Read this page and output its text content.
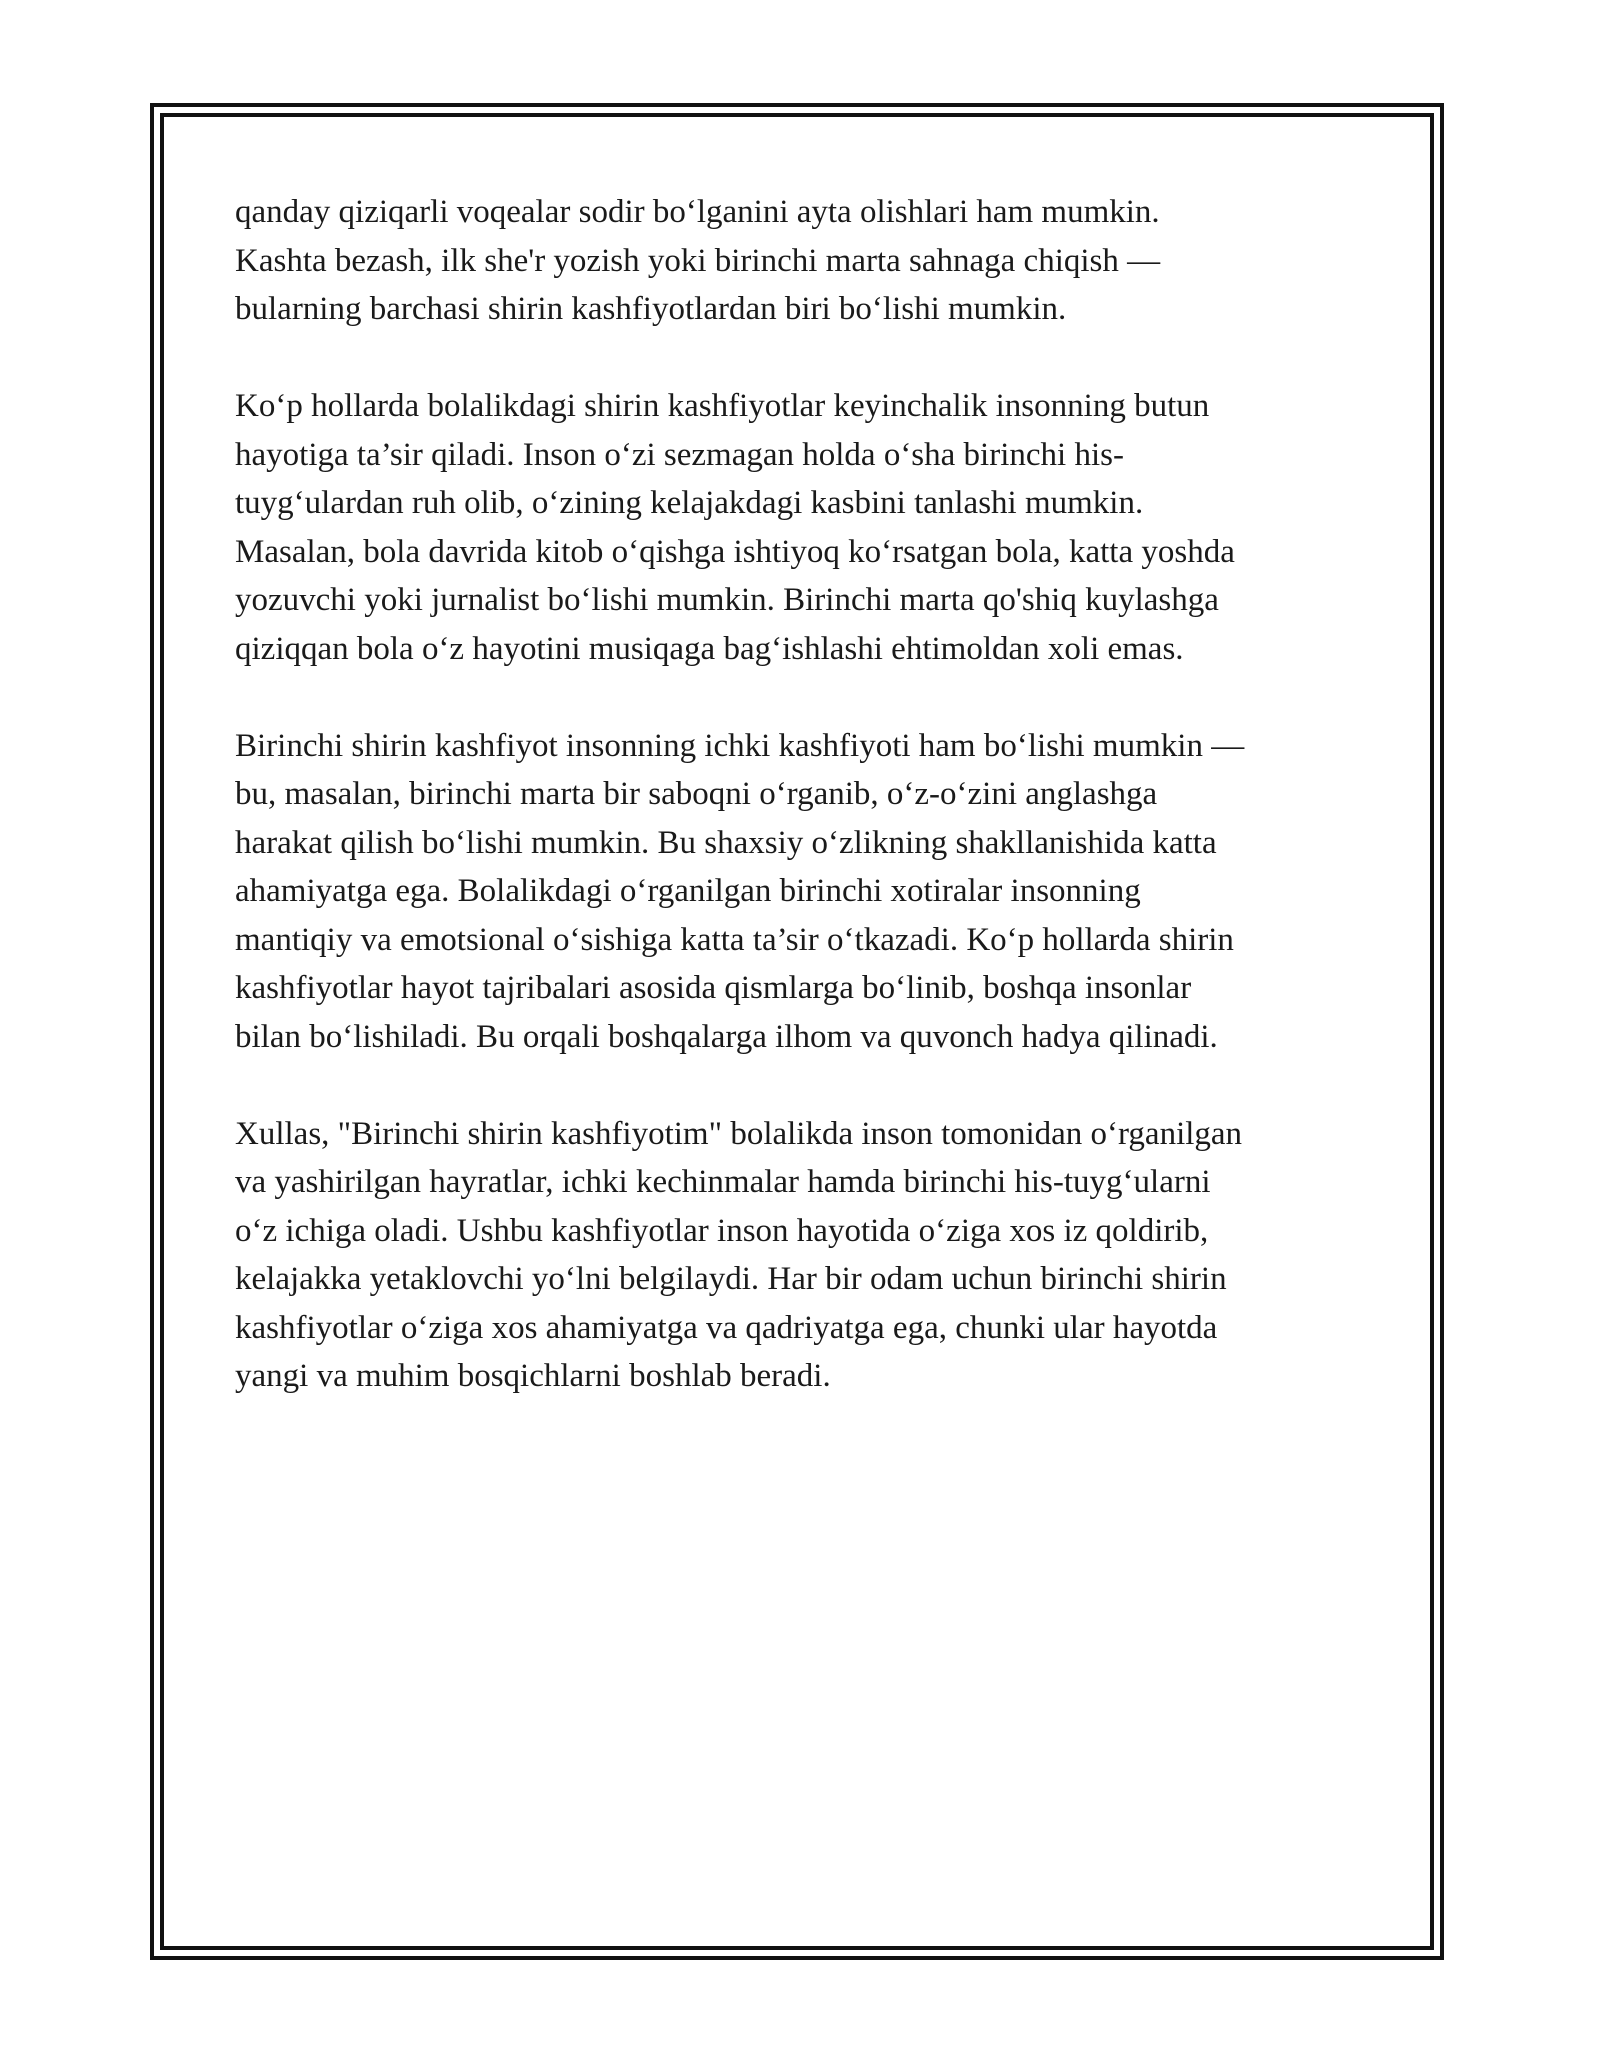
qanday qiziqarli voqealar sodir bo‘lganini ayta olishlari ham mumkin.
Kashta bezash, ilk she'r yozish yoki birinchi marta sahnaga chiqish —
bularning barchasi shirin kashfiyotlardan biri bo‘lishi mumkin.

Ko‘p hollarda bolalikdagi shirin kashfiyotlar keyinchalik insonning butun
hayotiga ta’sir qiladi. Inson o‘zi sezmagan holda o‘sha birinchi his-
tuyg‘ulardan ruh olib, o‘zining kelajakdagi kasbini tanlashi mumkin.
Masalan, bola davrida kitob o‘qishga ishtiyoq ko‘rsatgan bola, katta yoshda
yozuvchi yoki jurnalist bo‘lishi mumkin. Birinchi marta qo'shiq kuylashga
qiziqqan bola o‘z hayotini musiqaga bag‘ishlashi ehtimoldan xoli emas.

Birinchi shirin kashfiyot insonning ichki kashfiyoti ham bo‘lishi mumkin —
bu, masalan, birinchi marta bir saboqni o‘rganib, o‘z-o‘zini anglashga
harakat qilish bo‘lishi mumkin. Bu shaxsiy o‘zlikning shakllanishida katta
ahamiyatga ega. Bolalikdagi o‘rganilgan birinchi xotiralar insonning
mantiqiy va emotsional o‘sishiga katta ta’sir o‘tkazadi. Ko‘p hollarda shirin
kashfiyotlar hayot tajribalari asosida qismlarga bo‘linib, boshqa insonlar
bilan bo‘lishiladi. Bu orqali boshqalarga ilhom va quvonch hadya qilinadi.

Xullas, "Birinchi shirin kashfiyotim" bolalikda inson tomonidan o‘rganilgan
va yashirilgan hayratlar, ichki kechinmalar hamda birinchi his-tuyg‘ularni
o‘z ichiga oladi. Ushbu kashfiyotlar inson hayotida o‘ziga xos iz qoldirib,
kelajakka yetaklovchi yo‘lni belgilaydi. Har bir odam uchun birinchi shirin
kashfiyotlar o‘ziga xos ahamiyatga va qadriyatga ega, chunki ular hayotda
yangi va muhim bosqichlarni boshlab beradi.
